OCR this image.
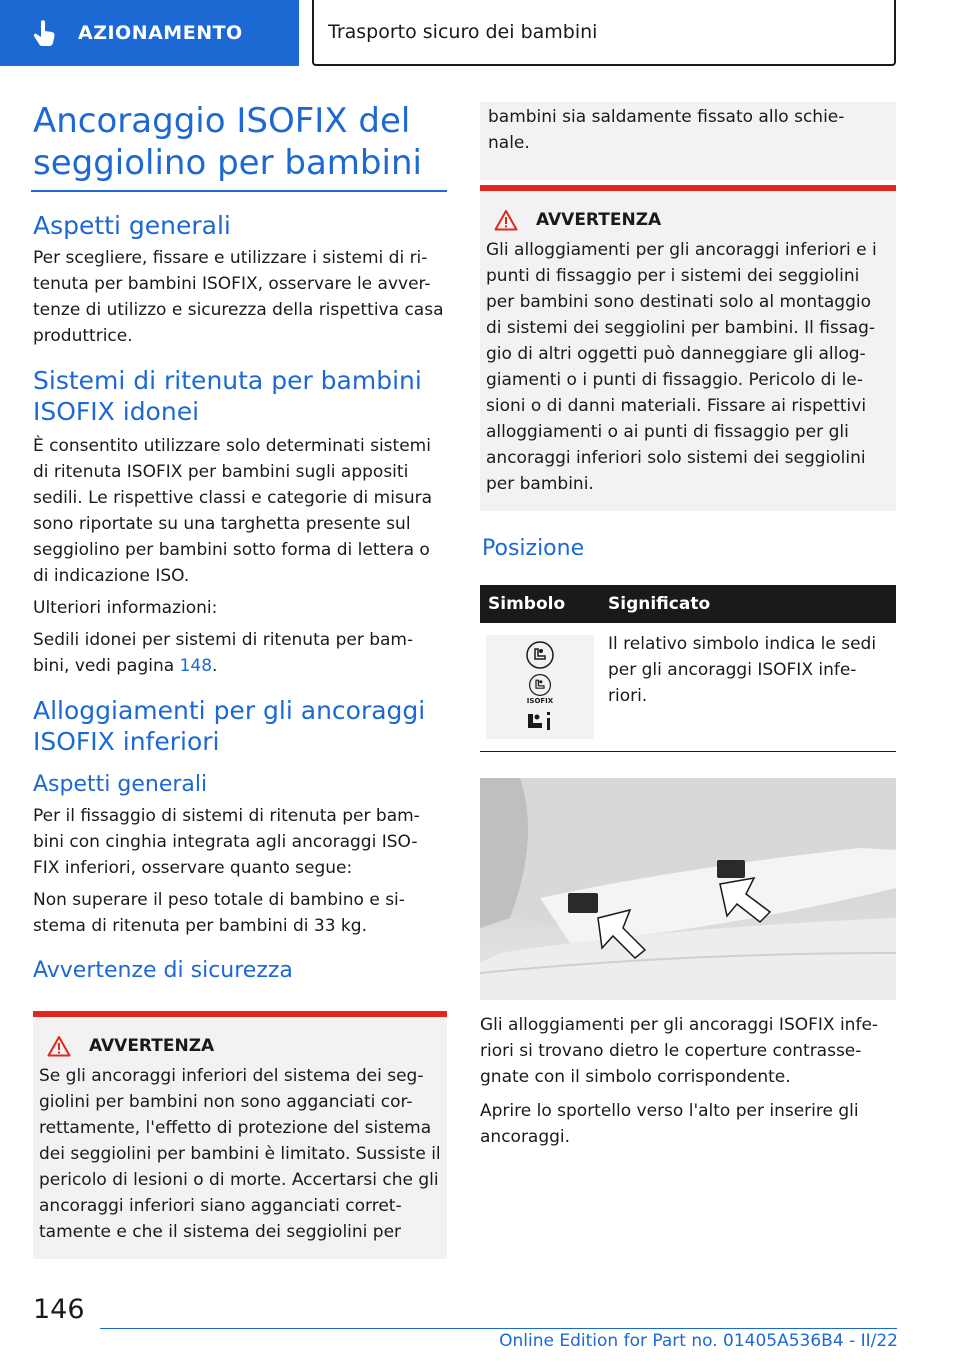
AZIONAMENTO	Trasporto sicuro dei bambini
Ancoraggio ISOFIX del seggiolino per bambini
Aspetti generali

Per scegliere, fissare e utilizzare i sistemi di ri- tenuta per bambini ISOFIX, osservare le avver- tenze di utilizzo e sicurezza della rispettiva casa produttrice.

Sistemi di ritenuta per bambini ISOFIX idonei

È consentito utilizzare solo determinati sistemi di ritenuta ISOFIX per bambini sugli appositi sedili. Le rispettive classi e categorie di misura sono riportate su una targhetta presente sul seggiolino per bambini sotto forma di lettera o di indicazione ISO.

Ulteriori informazioni:

Sedili idonei per sistemi di ritenuta per bam- bini, vedi pagina 148.

Alloggiamenti per gli ancoraggi ISOFIX inferiori
Aspetti generali

Per il fissaggio di sistemi di ritenuta per bam- bini con cinghia integrata agli ancoraggi ISO- FIX inferiori, osservare quanto segue:

Non superare il peso totale di bambino e si- stema di ritenuta per bambini di 33 kg.

Avvertenze di sicurezza
AVVERTENZA

Se gli ancoraggi inferiori del sistema dei seg- giolini per bambini non sono agganciati cor- rettamente, l'effetto di protezione del sistema dei seggiolini per bambini è limitato. Sussiste il pericolo di lesioni o di morte. Accertarsi che gli ancoraggi inferiori siano agganciati corret- tamente e che il sistema dei seggiolini per

bambini sia saldamente fissato allo schie- nale.

AVVERTENZA

Gli alloggiamenti per gli ancoraggi inferiori e i punti di fissaggio per i sistemi dei seggiolini per bambini sono destinati solo al montaggio di sistemi dei seggiolini per bambini. Il fissag- gio di altri oggetti può danneggiare gli allog- giamenti o i punti di fissaggio. Pericolo di le- sioni o di danni materiali. Fissare ai rispettivi alloggiamenti o ai punti di fissaggio per gli ancoraggi inferiori solo sistemi dei seggiolini per bambini.

Posizione
Simbolo	Significato

ISOFIX	Il relativo simbolo indica le sedi per gli ancoraggi ISOFIX infe- riori.

Gli alloggiamenti per gli ancoraggi ISOFIX infe- riori si trovano dietro le coperture contrasse- gnate con il simbolo corrispondente.

Aprire lo sportello verso l'alto per inserire gli ancoraggi.

146
Online Edition for Part no. 01405A536B4 - II/22
